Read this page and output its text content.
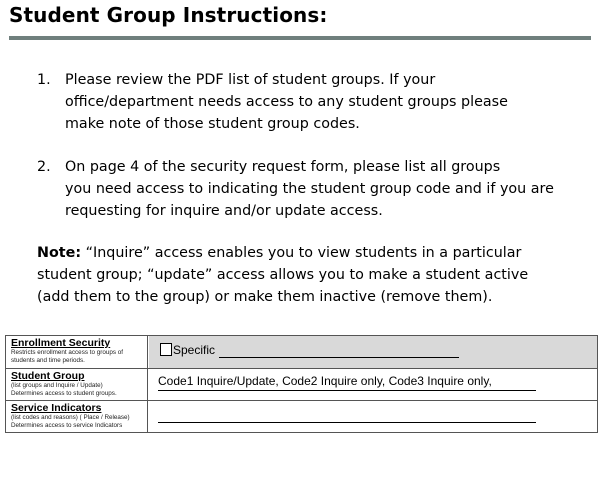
Student Group Instructions:
1.	Please review the PDF list of student groups. If your
office/department needs access to any student groups please
make note of those student group codes.
2.	On page 4 of the security request form, please list all groups
you need access to indicating the student group code and if you are
requesting for inquire and/or update access.
Note: “Inquire” access enables you to view students in a particular
student group; “update” access allows you to make a student active
(add them to the group) or make them inactive (remove them).
Enrollment Security
Restricts enrollment access to groups of
students and time periods.
Specific
Student Group
(list groups and Inquire / Update)
Determines access to student groups.
Code1 Inquire/Update, Code2 Inquire only, Code3 Inquire only,
Service Indicators
(list codes and reasons) ( Place / Release)
Determines access to service Indicators
